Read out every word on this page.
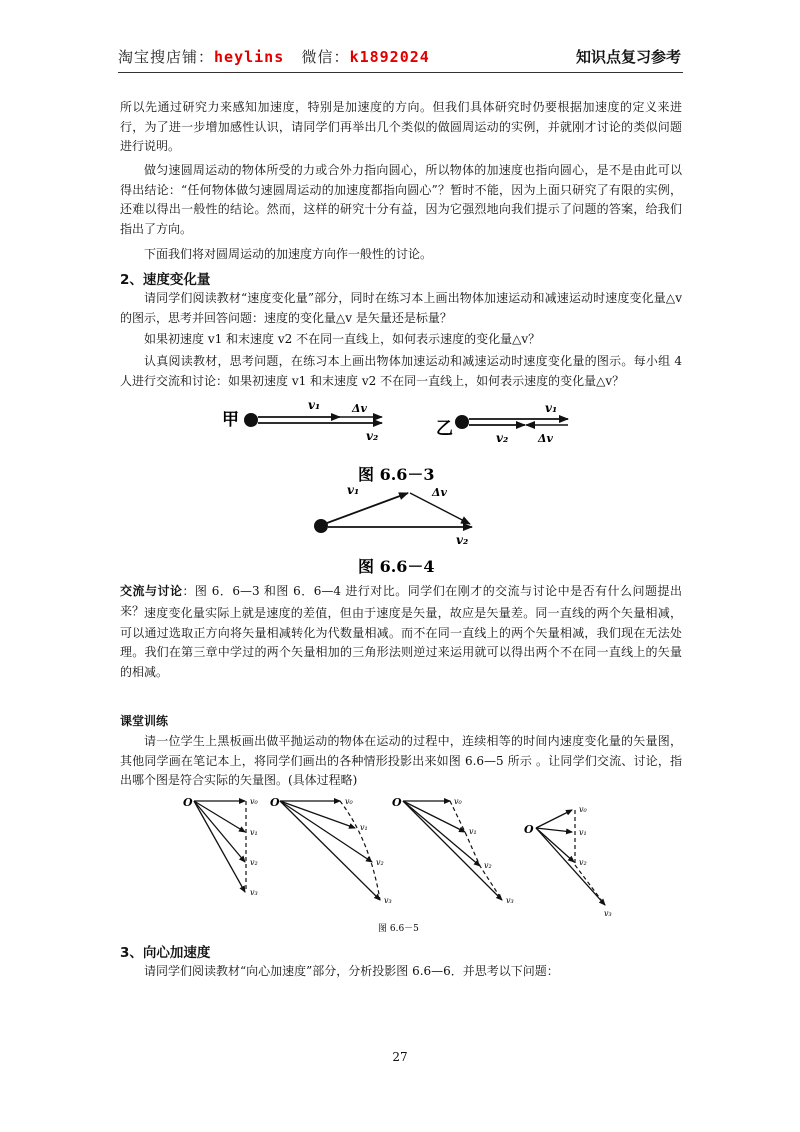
淘宝搜店铺：heylins 微信：k1892024	知识点复习参考

所以先通过研究力来感知加速度，特别是加速度的方向。但我们具体研究时仍要根据加速度的定义来进行，为了进一步增加感性认识，请同学们再举出几个类似的做圆周运动的实例，并就刚才讨论的类似问题进行说明。

做匀速圆周运动的物体所受的力或合外力指向圆心，所以物体的加速度也指向圆心，是不是由此可以得出结论：“任何物体做匀速圆周运动的加速度都指向圆心”？暂时不能，因为上面只研究了有限的实例，还难以得出一般性的结论。然而，这样的研究十分有益，因为它强烈地向我们提示了问题的答案，给我们指出了方向。

下面我们将对圆周运动的加速度方向作一般性的讨论。

2、速度变化量

请同学们阅读教材“速度变化量”部分，同时在练习本上画出物体加速运动和减速运动时速度变化量△v 的图示，思考并回答问题：速度的变化量△v 是矢量还是标量？

如果初速度 v1 和末速度 v2 不在同一直线上，如何表示速度的变化量△v？

认真阅读教材，思考问题，在练习本上画出物体加速运动和减速运动时速度变化量的图示。每小组 4 人进行交流和讨论：如果初速度 v1 和末速度 v2 不在同一直线上，如何表示速度的变化量△v？

甲
v₁	Δv
v₂	乙
v₁
v₂	Δv
图 6.6－3
v₁	Δv
v₂
图 6.6－4

交流与讨论：图 6．6—3 和图 6．6—4 进行对比。同学们在刚才的交流与讨论中是否有什么问题提出来？ 速度变化量实际上就是速度的差值，但由于速度是矢量，故应是矢量差。同一直线的两个矢量相减，可以通过选取正方向将矢量相减转化为代数量相减。而不在同一直线上的两个矢量相减，我们现在无法处理。我们在第三章中学过的两个矢量相加的三角形法则逆过来运用就可以得出两个不在同一直线上的矢量的相减。

课堂训练

请一位学生上黑板画出做平抛运动的物体在运动的过程中，连续相等的时间内速度变化量的矢量图，其他同学画在笔记本上，将同学们画出的各种情形投影出来如图 6.6—5 所示 。让同学们交流、讨论，指出哪个图是符合实际的矢量图。(具体过程略)

O	v₀
v₁
v₂
v₃
O	v₀
v₁
v₂
v₃
O	v₀
v₁
v₂
v₃
O
v₀
v₁
v₂
v₃
图 6.6－5
3、向心加速度

请同学们阅读教材“向心加速度”部分，分析投影图 6.6—6．并思考以下问题：

27
